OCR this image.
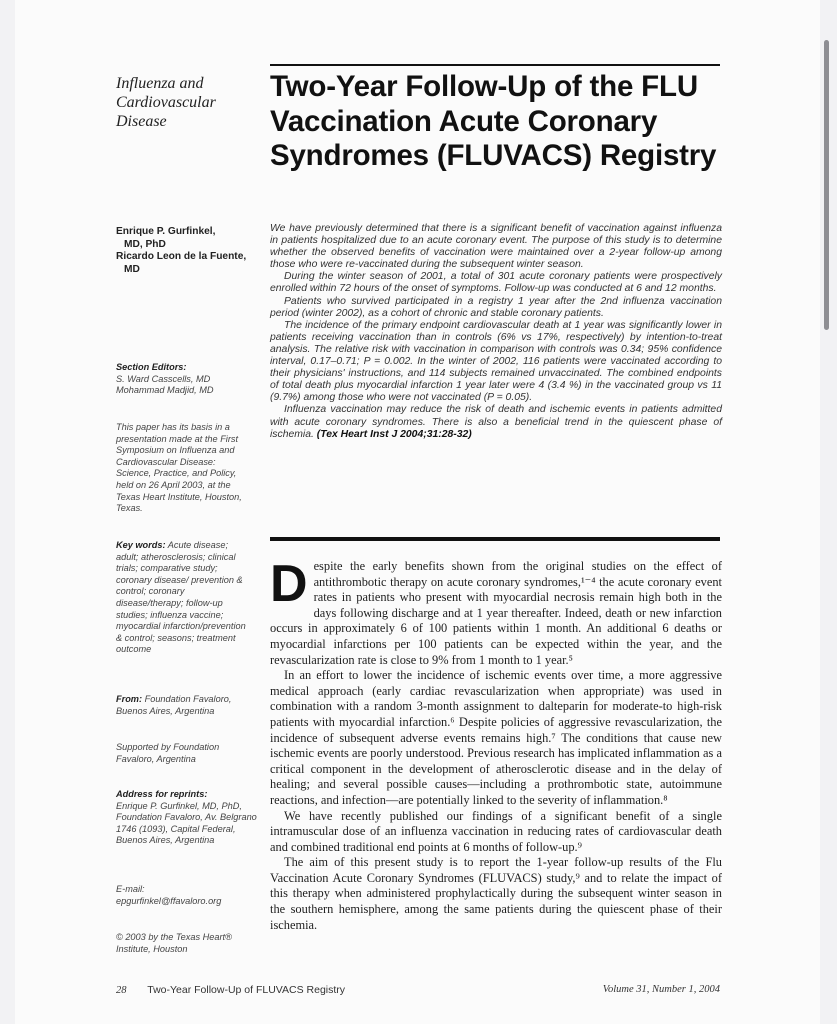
Influenza and
Cardiovascular
Disease
Two-Year Follow-Up of the FLU Vaccination Acute Coronary Syndromes (FLUVACS) Registry
Enrique P. Gurfinkel,
MD, PhD
Ricardo Leon de la Fuente,
MD

We have previously determined that there is a significant benefit of vaccination against influenza in patients hospitalized due to an acute coronary event. The purpose of this study is to determine whether the observed benefits of vaccination were maintained over a 2-year follow-up among those who were re-vaccinated during the subsequent winter season.

During the winter season of 2001, a total of 301 acute coronary patients were prospectively enrolled within 72 hours of the onset of symptoms. Follow-up was conducted at 6 and 12 months.

Patients who survived participated in a registry 1 year after the 2nd influenza vaccination period (winter 2002), as a cohort of chronic and stable coronary patients.

The incidence of the primary endpoint cardiovascular death at 1 year was significantly lower in patients receiving vaccination than in controls (6% vs 17%, respectively) by intention-to-treat analysis. The relative risk with vaccination in comparison with controls was 0.34; 95% confidence interval, 0.17–0.71; P = 0.002. In the winter of 2002, 116 patients were vaccinated according to their physicians' instructions, and 114 subjects remained unvaccinated. The combined endpoints of total death plus myocardial infarction 1 year later were 4 (3.4 %) in the vaccinated group vs 11 (9.7%) among those who were not vaccinated (P = 0.05).

Influenza vaccination may reduce the risk of death and ischemic events in patients admitted with acute coronary syndromes. There is also a beneficial trend in the quiescent phase of ischemia. (Tex Heart Inst J 2004;31:28-32)

Section Editors:
S. Ward Casscells, MD
Mohammad Madjid, MD
This paper has its basis in a presentation made at the First Symposium on Influenza and Cardiovascular Disease: Science, Practice, and Policy, held on 26 April 2003, at the Texas Heart Institute, Houston, Texas.
Key words: Acute disease; adult; atherosclerosis; clinical trials; comparative study; coronary disease/ prevention & control; coronary disease/therapy; follow-up studies; influenza vaccine; myocardial infarction/prevention & control; seasons; treatment outcome
From: Foundation Favaloro, Buenos Aires, Argentina
Supported by Foundation Favaloro, Argentina
Address for reprints:
Enrique P. Gurfinkel, MD, PhD, Foundation Favaloro, Av. Belgrano 1746 (1093), Capital Federal, Buenos Aires, Argentina
E-mail:
epgurfinkel@ffavaloro.org
© 2003 by the Texas Heart® Institute, Houston

Despite the early benefits shown from the original studies on the effect of antithrombotic therapy on acute coronary syndromes,¹⁻⁴ the acute coronary event rates in patients who present with myocardial necrosis remain high both in the days following discharge and at 1 year thereafter. Indeed, death or new infarction occurs in approximately 6 of 100 patients within 1 month. An additional 6 deaths or myocardial infarctions per 100 patients can be expected within the year, and the revascularization rate is close to 9% from 1 month to 1 year.⁵

In an effort to lower the incidence of ischemic events over time, a more aggressive medical approach (early cardiac revascularization when appropriate) was used in combination with a random 3-month assignment to dalteparin for moderate-to high-risk patients with myocardial infarction.⁶ Despite policies of aggressive revascularization, the incidence of subsequent adverse events remains high.⁷ The conditions that cause new ischemic events are poorly understood. Previous research has implicated inflammation as a critical component in the development of atherosclerotic disease and in the delay of healing; and several possible causes—including a prothrombotic state, autoimmune reactions, and infection—are potentially linked to the severity of inflammation.⁸

We have recently published our findings of a significant benefit of a single intramuscular dose of an influenza vaccination in reducing rates of cardiovascular death and combined traditional end points at 6 months of follow-up.⁹

The aim of this present study is to report the 1-year follow-up results of the Flu Vaccination Acute Coronary Syndromes (FLUVACS) study,⁹ and to relate the impact of this therapy when administered prophylactically during the subsequent winter season in the southern hemisphere, among the same patients during the quiescent phase of their ischemia.

28 Two-Year Follow-Up of FLUVACS Registry	Volume 31, Number 1, 2004
